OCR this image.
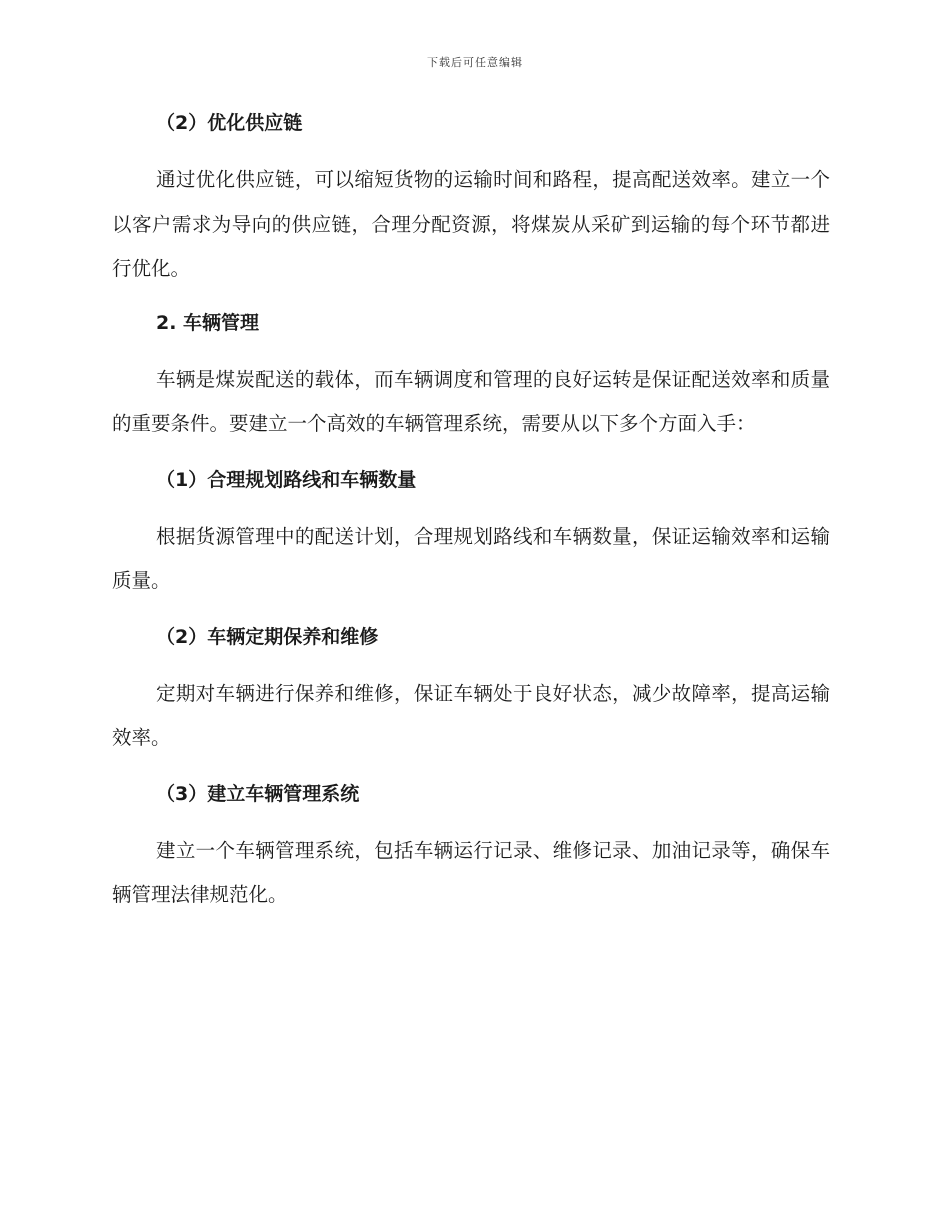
下载后可任意编辑
（2）优化供应链

通过优化供应链，可以缩短货物的运输时间和路程，提高配送效率。建立一个以客户需求为导向的供应链，合理分配资源，将煤炭从采矿到运输的每个环节都进行优化。

2. 车辆管理

车辆是煤炭配送的载体，而车辆调度和管理的良好运转是保证配送效率和质量的重要条件。要建立一个高效的车辆管理系统，需要从以下多个方面入手：

（1）合理规划路线和车辆数量

根据货源管理中的配送计划，合理规划路线和车辆数量，保证运输效率和运输质量。

（2）车辆定期保养和维修

定期对车辆进行保养和维修，保证车辆处于良好状态，减少故障率，提高运输效率。

（3）建立车辆管理系统

建立一个车辆管理系统，包括车辆运行记录、维修记录、加油记录等，确保车辆管理法律规范化。
